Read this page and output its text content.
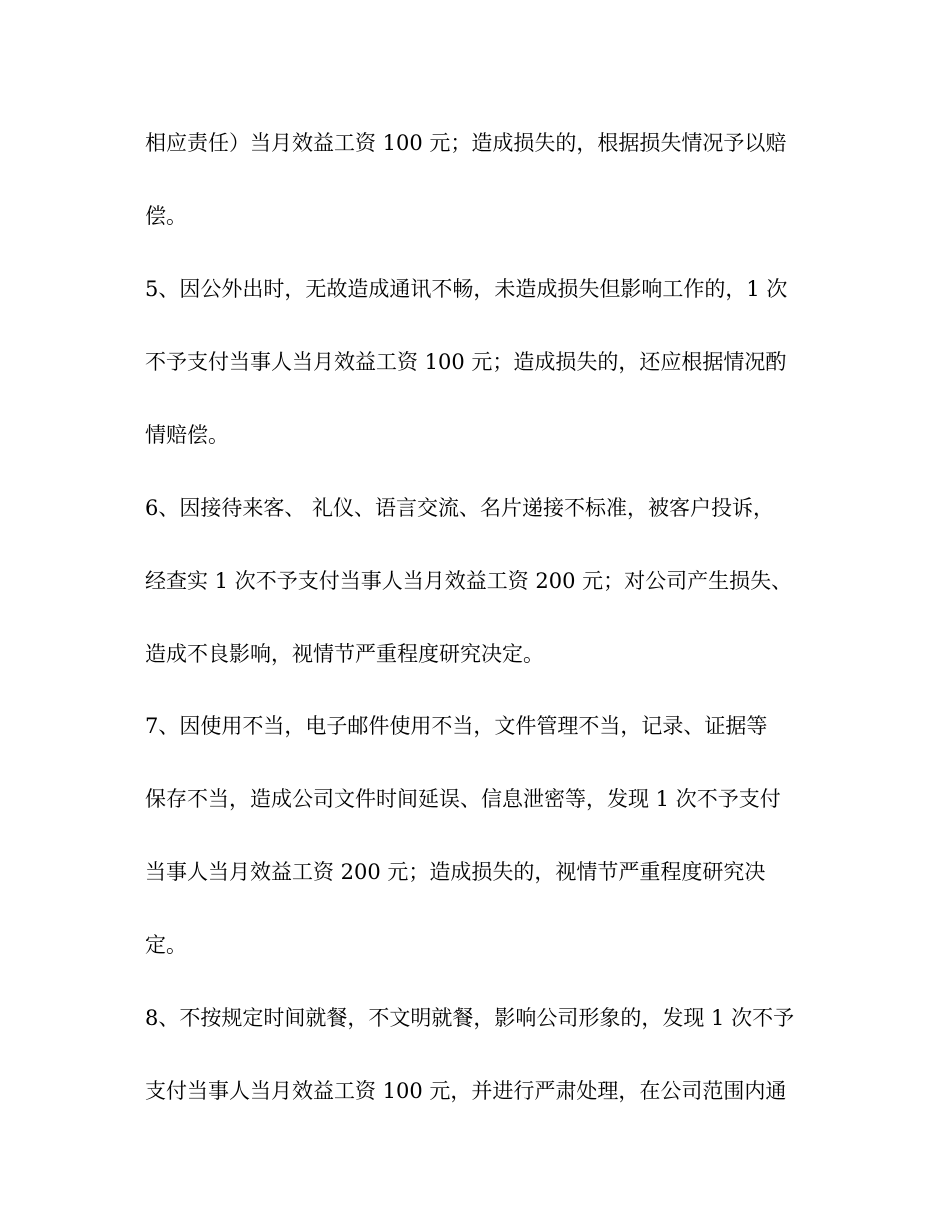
相应责任）当月效益工资 100 元；造成损失的，根据损失情况予以赔
偿。
5、因公外出时，无故造成通讯不畅，未造成损失但影响工作的，1 次
不予支付当事人当月效益工资 100 元；造成损失的，还应根据情况酌
情赔偿。
6、因接待来客、 礼仪、语言交流、名片递接不标准，被客户投诉，
经查实 1 次不予支付当事人当月效益工资 200 元；对公司产生损失、
造成不良影响，视情节严重程度研究决定。
7、因使用不当，电子邮件使用不当，文件管理不当，记录、证据等
保存不当，造成公司文件时间延误、信息泄密等，发现 1 次不予支付
当事人当月效益工资 200 元；造成损失的，视情节严重程度研究决
定。
8、不按规定时间就餐，不文明就餐，影响公司形象的，发现 1 次不予
支付当事人当月效益工资 100 元，并进行严肃处理，在公司范围内通
